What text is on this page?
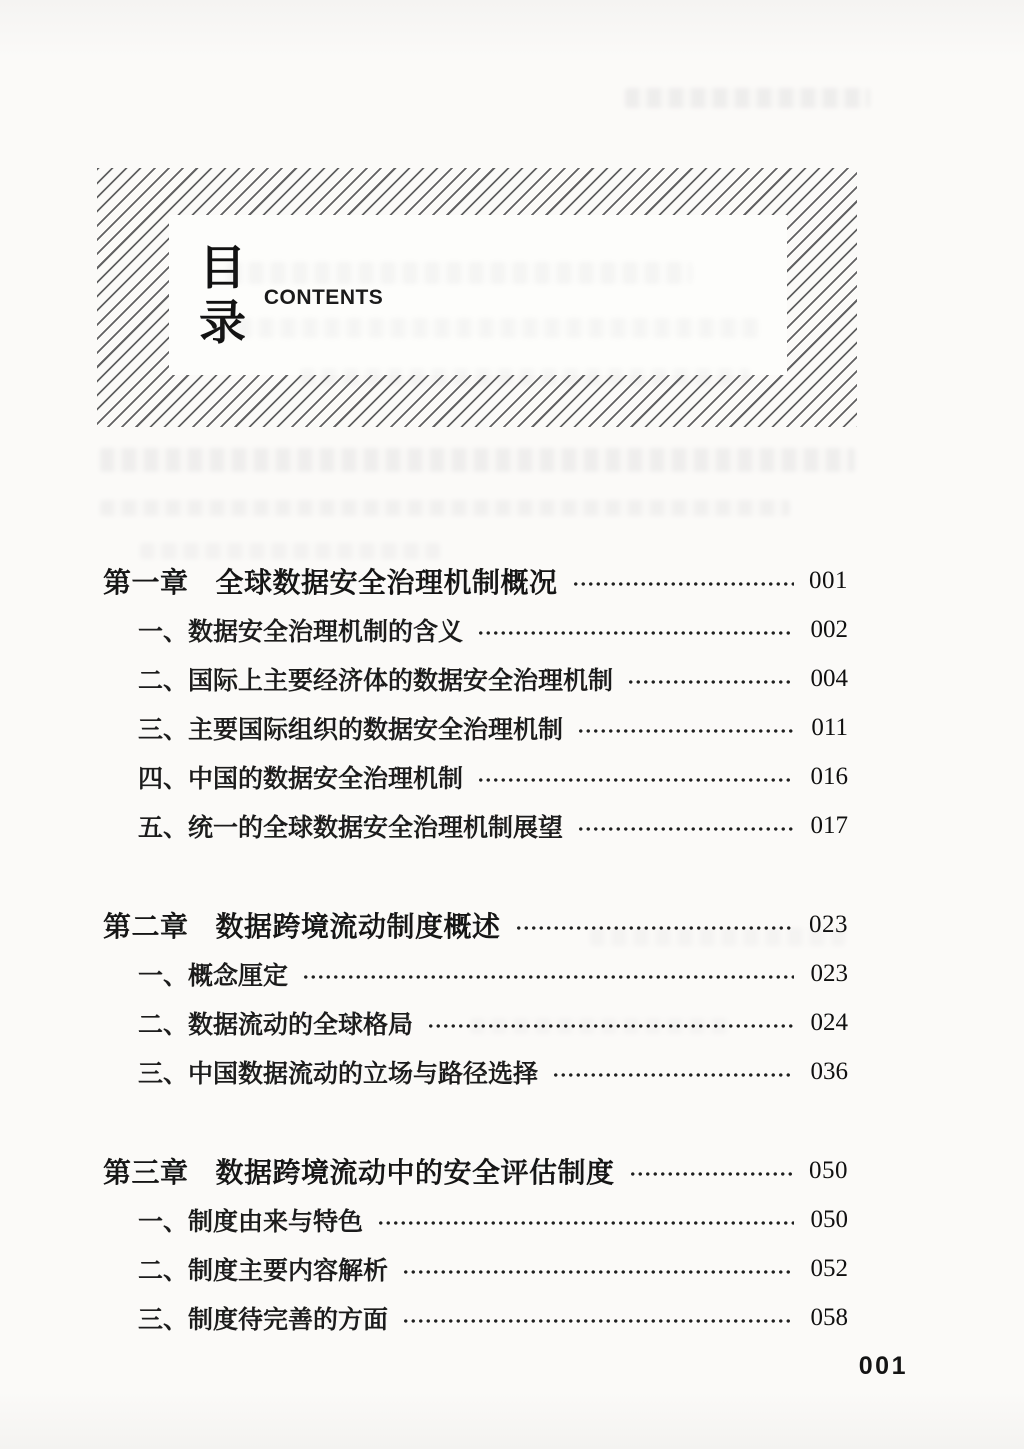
目录 CONTENTS
第一章 全球数据安全治理机制概况	001
一、数据安全治理机制的含义	002
二、国际上主要经济体的数据安全治理机制	004
三、主要国际组织的数据安全治理机制	011
四、中国的数据安全治理机制	016
五、统一的全球数据安全治理机制展望	017
第二章 数据跨境流动制度概述	023
一、概念厘定	023
二、数据流动的全球格局	024
三、中国数据流动的立场与路径选择	036
第三章 数据跨境流动中的安全评估制度	050
一、制度由来与特色	050
二、制度主要内容解析	052
三、制度待完善的方面	058
001
